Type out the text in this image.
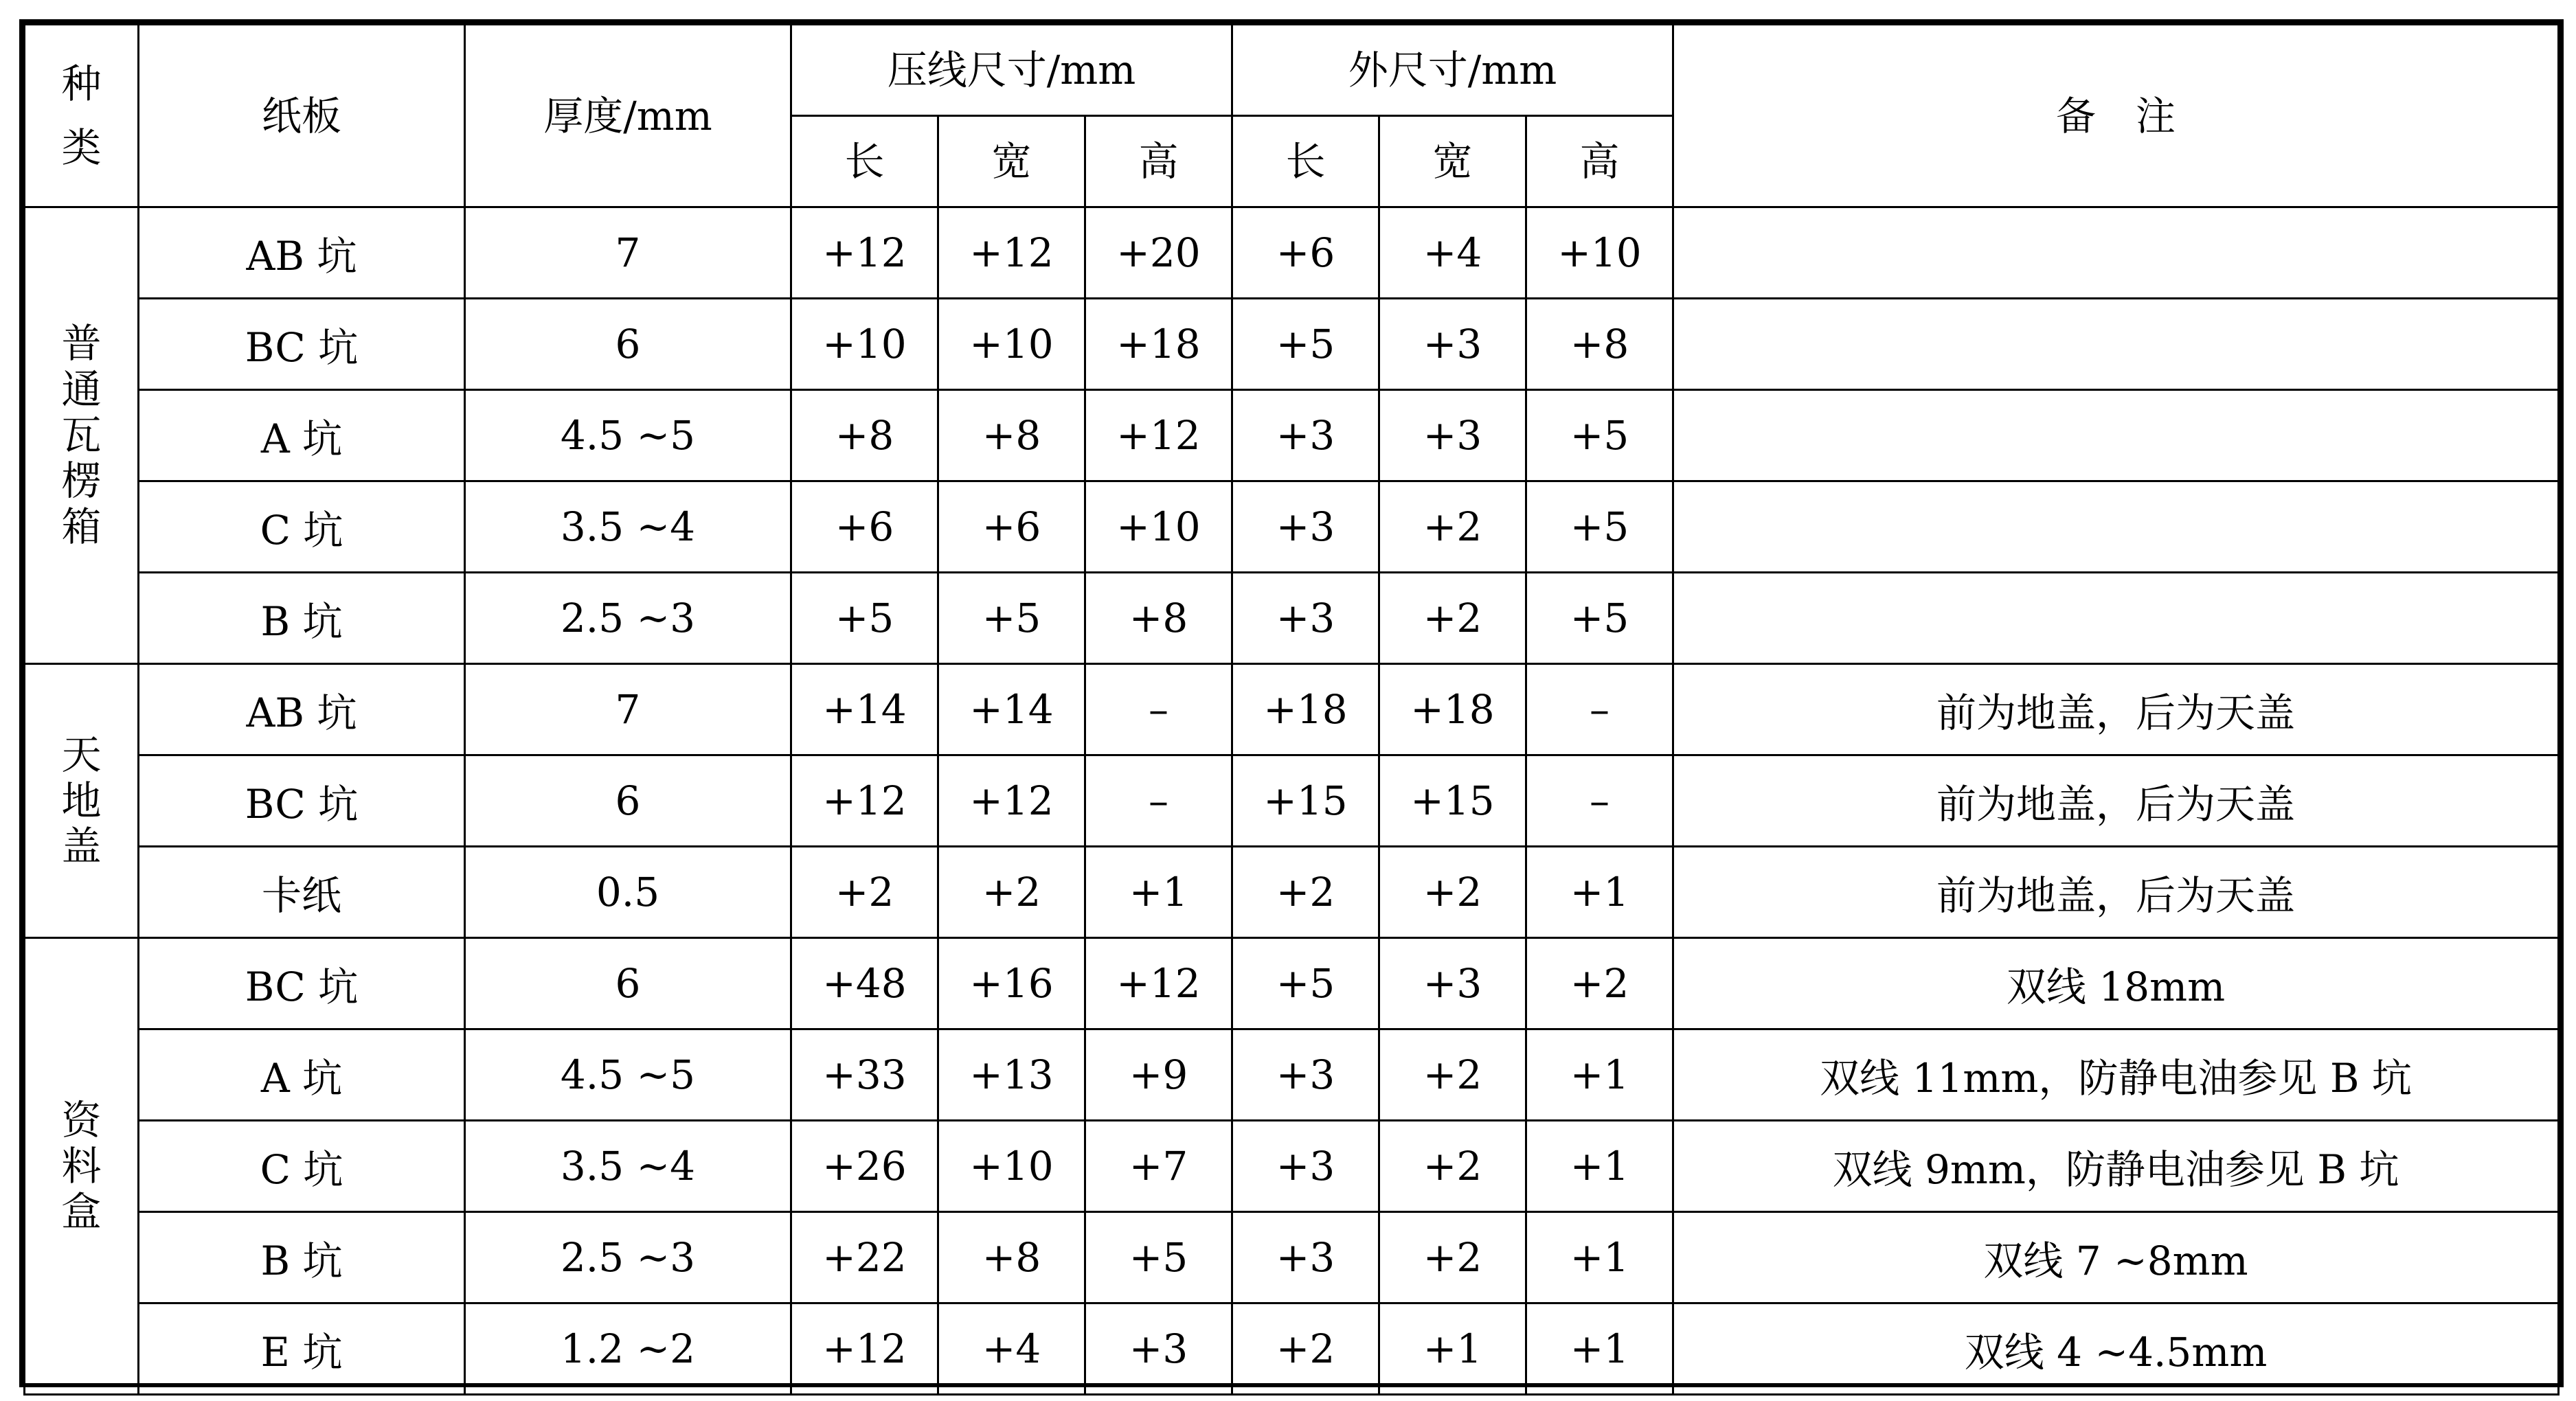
种
类	纸板	厚度/mm	压线尺寸/mm			外尺寸/mm			备　注
			长	宽	高	长	宽	高	

普
通
瓦
楞
箱	AB 坑	7	+12	+12	+20	+6	+4	+10	
	BC 坑	6	+10	+10	+18	+5	+3	+8	
	A 坑	4.5 ~5	+8	+8	+12	+3	+3	+5	
	C 坑	3.5 ~4	+6	+6	+10	+3	+2	+5	
	B 坑	2.5 ~3	+5	+5	+8	+3	+2	+5	

天
地
盖	AB 坑	7	+14	+14	–	+18	+18	–	前为地盖，后为天盖
	BC 坑	6	+12	+12	–	+15	+15	–	前为地盖，后为天盖
	卡纸	0.5	+2	+2	+1	+2	+2	+1	前为地盖，后为天盖

资
料
盒	BC 坑	6	+48	+16	+12	+5	+3	+2	双线 18mm
	A 坑	4.5 ~5	+33	+13	+9	+3	+2	+1	双线 11mm，防静电油参见 B 坑
	C 坑	3.5 ~4	+26	+10	+7	+3	+2	+1	双线 9mm，防静电油参见 B 坑
	B 坑	2.5 ~3	+22	+8	+5	+3	+2	+1	双线 7 ~8mm
	E 坑	1.2 ~2	+12	+4	+3	+2	+1	+1	双线 4 ~4.5mm
